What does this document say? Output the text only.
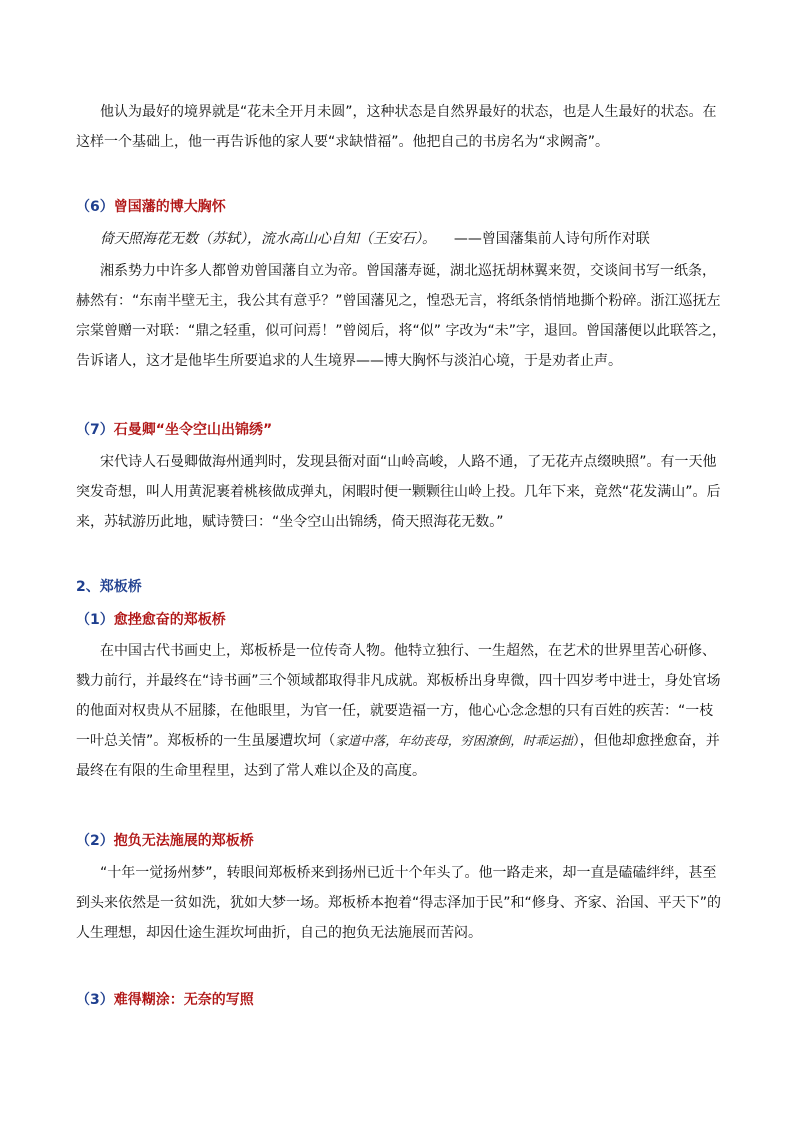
他认为最好的境界就是“花未全开月未圆”，这种状态是自然界最好的状态，也是人生最好的状态。在这样一个基础上，他一再告诉他的家人要“求缺惜福”。他把自己的书房名为“求阙斋”。

（6）曾国藩的博大胸怀

倚天照海花无数（苏轼），流水高山心自知（王安石）。 ——曾国藩集前人诗句所作对联

湘系势力中许多人都曾劝曾国藩自立为帝。曾国藩寿诞，湖北巡抚胡林翼来贺，交谈间书写一纸条，赫然有：“东南半壁无主，我公其有意乎？”曾国藩见之，惶恐无言，将纸条悄悄地撕个粉碎。浙江巡抚左宗棠曾赠一对联：“鼎之轻重，似可问焉！”曾阅后，将“似” 字改为“未”字，退回。曾国藩便以此联答之，告诉诸人，这才是他毕生所要追求的人生境界——博大胸怀与淡泊心境，于是劝者止声。

（7）石曼卿“坐令空山出锦绣”

宋代诗人石曼卿做海州通判时，发现县衙对面“山岭高峻，人路不通，了无花卉点缀映照”。有一天他突发奇想，叫人用黄泥裹着桃核做成弹丸，闲暇时便一颗颗往山岭上投。几年下来，竟然“花发满山”。后来，苏轼游历此地，赋诗赞曰：“坐令空山出锦绣，倚天照海花无数。”

2、郑板桥

（1）愈挫愈奋的郑板桥

在中国古代书画史上，郑板桥是一位传奇人物。他特立独行、一生超然，在艺术的世界里苦心研修、戮力前行，并最终在“诗书画”三个领域都取得非凡成就。郑板桥出身卑微，四十四岁考中进士，身处官场的他面对权贵从不屈膝，在他眼里，为官一任，就要造福一方，他心心念念想的只有百姓的疾苦：“一枝一叶总关情”。郑板桥的一生虽屡遭坎坷（家道中落，年幼丧母，穷困潦倒，时乖运拙），但他却愈挫愈奋，并最终在有限的生命里程里，达到了常人难以企及的高度。

（2）抱负无法施展的郑板桥

“十年一觉扬州梦”，转眼间郑板桥来到扬州已近十个年头了。他一路走来，却一直是磕磕绊绊，甚至到头来依然是一贫如洗，犹如大梦一场。郑板桥本抱着“得志泽加于民”和“修身、齐家、治国、平天下”的人生理想，却因仕途生涯坎坷曲折，自己的抱负无法施展而苦闷。

（3）难得糊涂：无奈的写照
